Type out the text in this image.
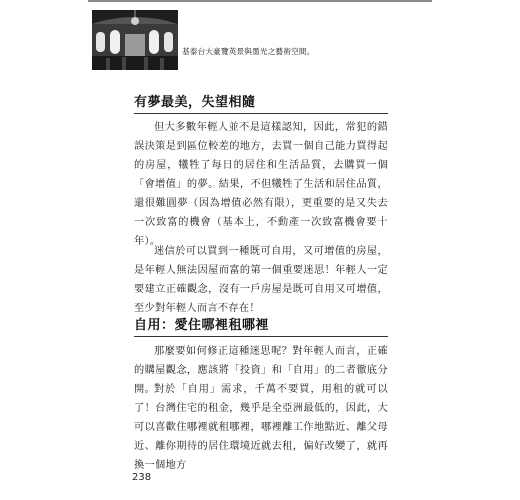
基泰台大豪覽英景與墨光之藝術空間。
有夢最美，失望相隨

但大多數年輕人並不是這樣認知，因此，常犯的錯誤決策是到區位較差的地方，去買一個自己能力買得起的房屋，犧牲了每日的居住和生活品質，去購買一個「會增值」的夢。結果，不但犧牲了生活和居住品質，還很難圓夢（因為增值必然有限），更重要的是又失去一次致富的機會（基本上，不動產一次致富機會要十年）。

迷信於可以買到一種既可自用，又可增值的房屋，是年輕人無法因屋而富的第一個重要迷思！年輕人一定要建立正確觀念，沒有一戶房屋是既可自用又可增值，至少對年輕人而言不存在！

自用：愛住哪裡租哪裡

那麼要如何修正這種迷思呢？對年輕人而言，正確的購屋觀念，應該將「投資」和「自用」的二者徹底分開。 對於「自用」需求，千萬不要買，用租的就可以了！台灣住宅的租金，幾乎是全亞洲最低的，因此，大可以喜歡住哪裡就租哪裡，哪裡離工作地點近、離父母近、離你期待的居住環境近就去租，偏好改變了，就再換一個地方

238
